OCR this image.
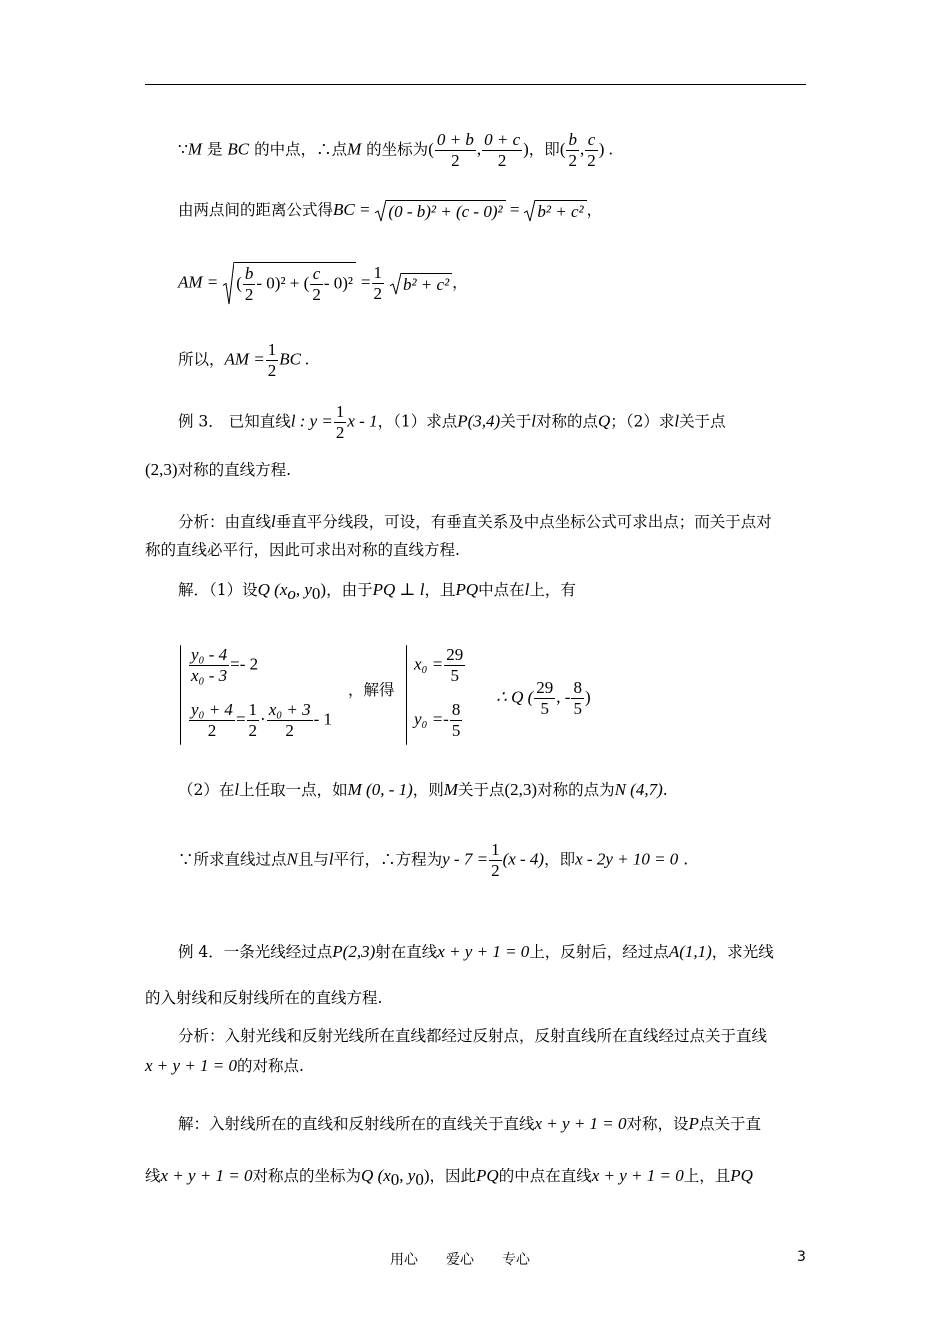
∵M 是 BC 的中点，∴点M 的坐标为( $\frac{0 + b}{2}$ , $\frac{0 + c}{2}$ )，即( $\frac{b}{2}$ , $\frac{c}{2}$ ) .
由两点间的距离公式得BC = (0 - b)² + (c - 0)² = b² + c² ，
AM = ( $\frac{b}{2} - 0)^2$ + ( $\frac{c}{2} - 0)^2 = \frac{1}{2}$
b² + c² ，
所以，AM = $\frac{1}{2}$ BC .
例 3． 已知直线l : $y = \frac{1}{2}$ x - 1，（1）求点P(3,4)关于l对称的点Q；（2）求l关于点
(2,3)对称的直线方程.
分析：由直线l垂直平分线段，可设，有垂直关系及中点坐标公式可求出点；而关于点对
称的直线必平行，因此可求出对称的直线方程.
解．（1）设Q ($x_o$, $y_0$)，由于PQ ⊥ l，且PQ中点在l上，有
$\frac{\text{y₀ - 4}}{\text{x₀ - 3}} =- 2$
$\frac{\text{y₀ + 4}}{2} = \frac{1}{2} \cdot \frac{\text{x₀ + 3}}{2} - 1$
，解得
$x_0 = \frac{29}{5}$
$y_0 =- \frac{8}{5}$
∴ Q ( $\frac{29}{5}$ , - $\frac{8}{5}$ )
（2）在l上任取一点，如M (0, - 1)，则M关于点(2,3)对称的点为N (4,7).
∵所求直线过点N且与l平行，∴方程为$y - 7 = \frac{1}{2} (x - 4)$，即x - 2y + 10 = 0 .
例 4．一条光线经过点P(2,3)射在直线x + y + 1 = 0上，反射后，经过点A(1,1)，求光线
的入射线和反射线所在的直线方程.
分析：入射光线和反射光线所在直线都经过反射点，反射直线所在直线经过点关于直线
x + y + 1 = 0的对称点.
解：入射线所在的直线和反射线所在的直线关于直线x + y + 1 = 0对称，设P点关于直
线x + y + 1 = 0对称点的坐标为Q ($x_0$, $y_0$)，因此PQ的中点在直线x + y + 1 = 0上，且PQ
用心 爱心 专心	3
